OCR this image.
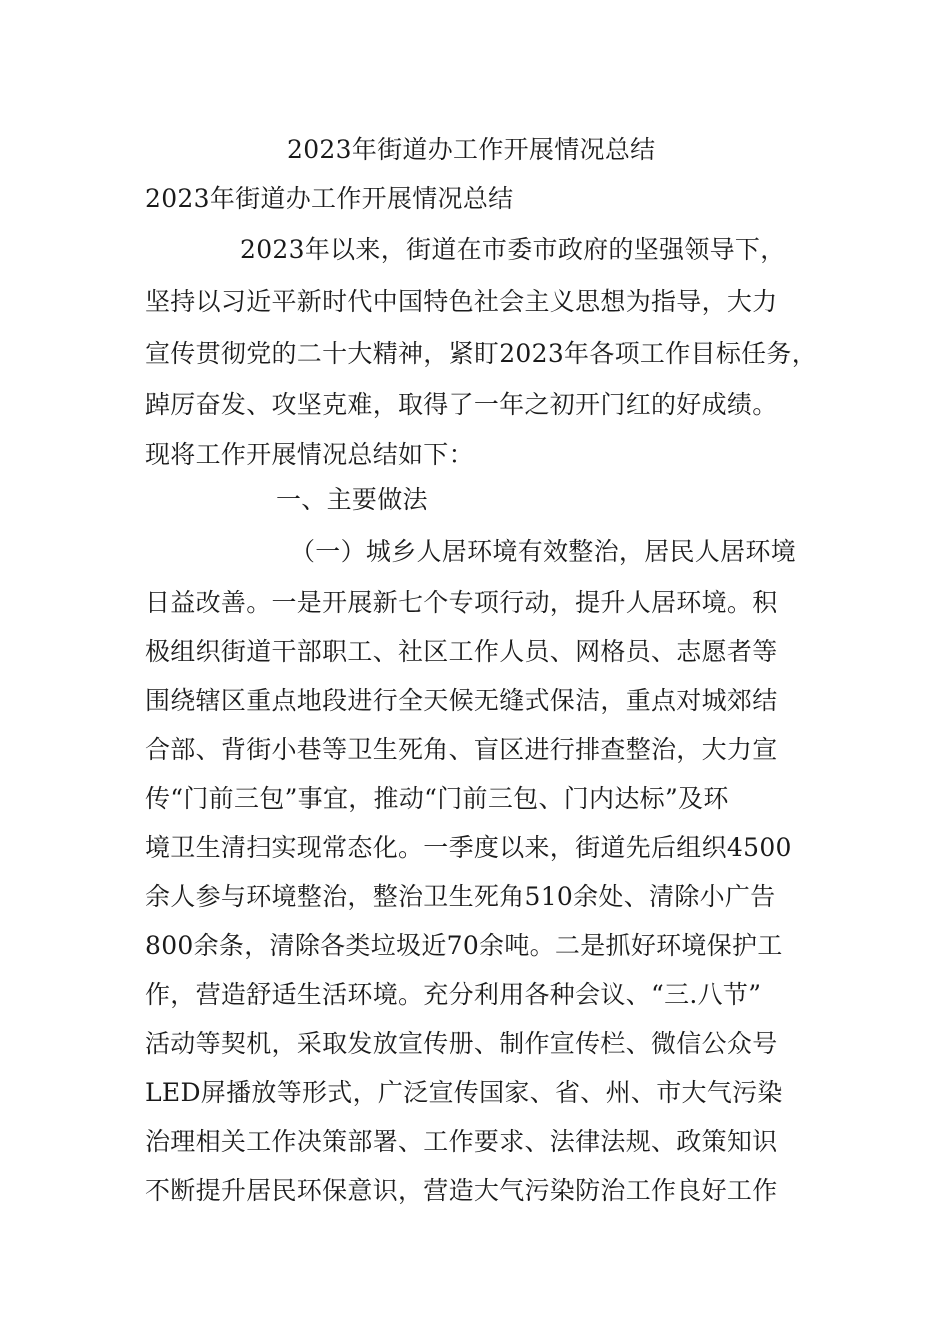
2023年街道办工作开展情况总结
2023年街道办工作开展情况总结
2023年以来，街道在市委市政府的坚强领导下，
坚持以习近平新时代中国特色社会主义思想为指导，大力
宣传贯彻党的二十大精神，紧盯2023年各项工作目标任务，
踔厉奋发、攻坚克难，取得了一年之初开门红的好成绩。
现将工作开展情况总结如下：
一、主要做法
（一）城乡人居环境有效整治，居民人居环境
日益改善。一是开展新七个专项行动，提升人居环境。积
极组织街道干部职工、社区工作人员、网格员、志愿者等
围绕辖区重点地段进行全天候无缝式保洁，重点对城郊结
合部、背街小巷等卫生死角、盲区进行排查整治，大力宣
传“门前三包”事宜，推动“门前三包、门内达标”及环
境卫生清扫实现常态化。一季度以来，街道先后组织4500
余人参与环境整治，整治卫生死角510余处、清除小广告
800余条，清除各类垃圾近70余吨。二是抓好环境保护工
作，营造舒适生活环境。充分利用各种会议、“三.八节”
活动等契机，采取发放宣传册、制作宣传栏、微信公众号
LED屏播放等形式，广泛宣传国家、省、州、市大气污染
治理相关工作决策部署、工作要求、法律法规、政策知识
不断提升居民环保意识，营造大气污染防治工作良好工作
